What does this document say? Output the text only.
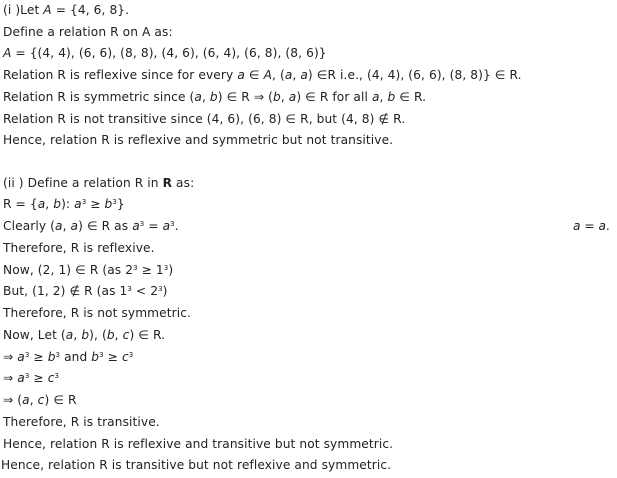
(i )Let A = {4, 6, 8}.
Define a relation R on A as:
A = {(4, 4), (6, 6), (8, 8), (4, 6), (6, 4), (6, 8), (8, 6)}
Relation R is reflexive since for every a ∈ A, (a, a) ∈R i.e., (4, 4), (6, 6), (8, 8)} ∈ R.
Relation R is symmetric since (a, b) ∈ R ⇒ (b, a) ∈ R for all a, b ∈ R.
Relation R is not transitive since (4, 6), (6, 8) ∈ R, but (4, 8) ∉ R.
Hence, relation R is reflexive and symmetric but not transitive.
(ii ) Define a relation R in R as:
R = {a, b): $a^3 \ge b^3$}
Clearly (a, a) ∈ R as $a^3 = a^3$.	a = a.
Therefore, R is reflexive.
Now, (2, 1) ∈ R (as $2^3 \ge 1^3$)
But, (1, 2) ∉ R (as $1^3 < 2^3$)
Therefore, R is not symmetric.
Now, Let (a, b), (b, c) ∈ R.
⇒ $a^3 \ge b^3$ and $b^3 \ge c^3$
⇒ $a^3 \ge c^3$
⇒ (a, c) ∈ R
Therefore, R is transitive.
Hence, relation R is reflexive and transitive but not symmetric.
Hence, relation R is transitive but not reflexive and symmetric.
